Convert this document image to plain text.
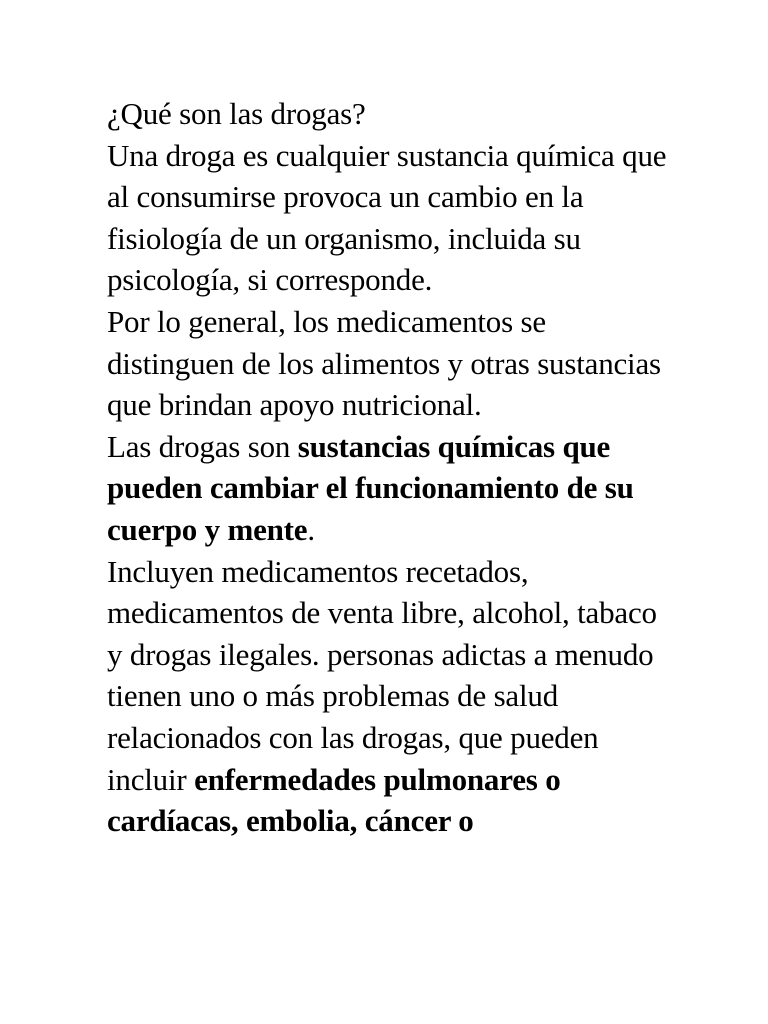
¿Qué son las drogas?

Una droga es cualquier sustancia química que al consumirse provoca un cambio en la fisiología de un organismo, incluida su psicología, si corresponde.

Por lo general, los medicamentos se distinguen de los alimentos y otras sustancias que brindan apoyo nutricional.

Las drogas son sustancias químicas que pueden cambiar el funcionamiento de su cuerpo y mente.

Incluyen medicamentos recetados, medicamentos de venta libre, alcohol, tabaco y drogas ilegales. personas adictas a menudo tienen uno o más problemas de salud relacionados con las drogas, que pueden incluir enfermedades pulmonares o cardíacas, embolia, cáncer o
